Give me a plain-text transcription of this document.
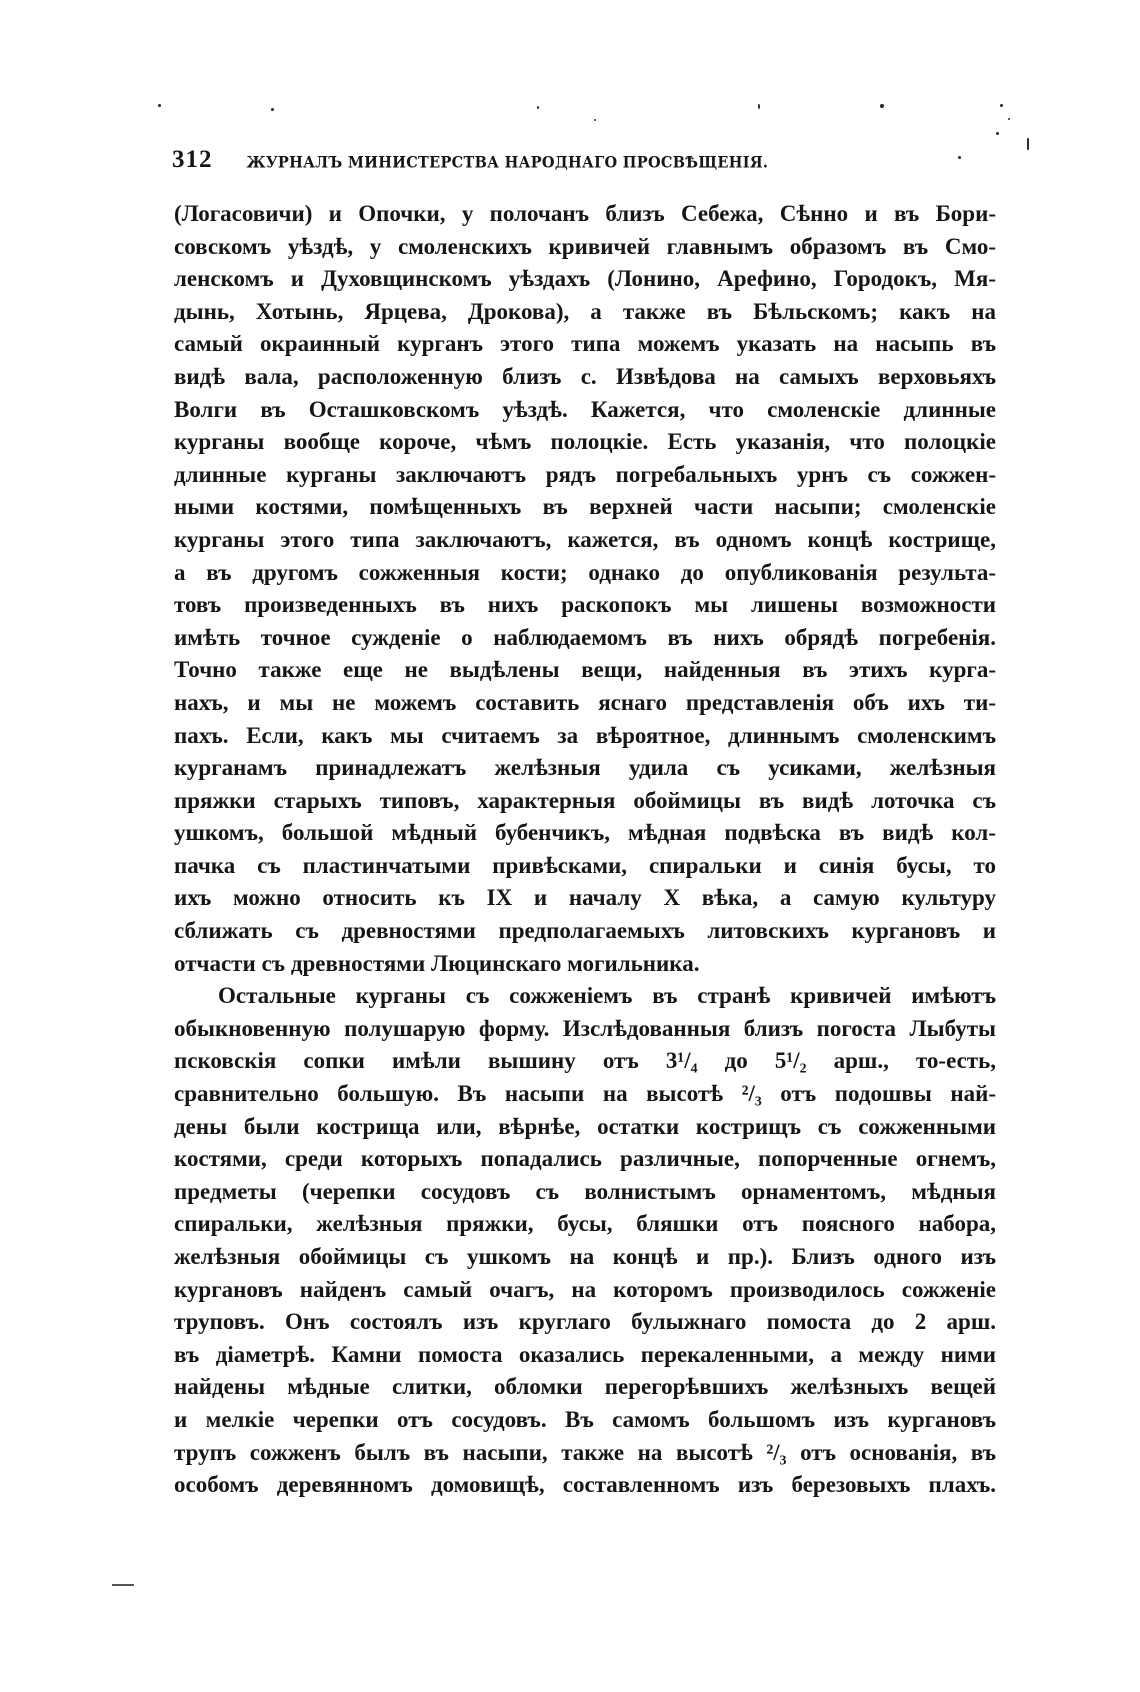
312 ЖУРНАЛЪ МИНИСТЕРСТВА НАРОДНАГО ПРОСВѢЩЕНІЯ.
(Логасовичи) и Опочки, у полочанъ близъ Себежа, Сѣнно и въ Бори-
совскомъ уѣздѣ, у смоленскихъ кривичей главнымъ образомъ въ Смо-
ленскомъ и Духовщинскомъ уѣздахъ (Лонино, Арефино, Городокъ, Мя-
дынь, Хотынь, Ярцева, Дрокова), а также въ Бѣльскомъ; какъ на
самый окраинный курганъ этого типа можемъ указать на насыпь въ
видѣ вала, расположенную близъ с. Извѣдова на самыхъ верховьяхъ
Волги въ Осташковскомъ уѣздѣ. Кажется, что смоленскіе длинные
курганы вообще короче, чѣмъ полоцкіе. Есть указанія, что полоцкіе
длинные курганы заключаютъ рядъ погребальныхъ урнъ съ сожжен-
ными костями, помѣщенныхъ въ верхней части насыпи; смоленскіе
курганы этого типа заключаютъ, кажется, въ одномъ концѣ кострище,
а въ другомъ сожженныя кости; однако до опубликованія результа-
товъ произведенныхъ въ нихъ раскопокъ мы лишены возможности
имѣть точное сужденіе о наблюдаемомъ въ нихъ обрядѣ погребенія.
Точно также еще не выдѣлены вещи, найденныя въ этихъ курга-
нахъ, и мы не можемъ составить яснаго представленія объ ихъ ти-
пахъ. Если, какъ мы считаемъ за вѣроятное, длиннымъ смоленскимъ
курганамъ принадлежатъ желѣзныя удила съ усиками, желѣзныя
пряжки старыхъ типовъ, характерныя обоймицы въ видѣ лоточка съ
ушкомъ, большой мѣдный бубенчикъ, мѣдная подвѣска въ видѣ кол-
пачка съ пластинчатыми привѣсками, спиральки и синія бусы, то
ихъ можно относить къ IX и началу X вѣка, а самую культуру
сближать съ древностями предполагаемыхъ литовскихъ кургановъ и
отчасти съ древностями Люцинскаго могильника.
Остальные курганы съ сожженіемъ въ странѣ кривичей имѣютъ
обыкновенную полушарую форму. Изслѣдованныя близъ погоста Лыбуты
псковскія сопки имѣли вышину отъ 3¹/₄ до 5¹/₂ арш., то-есть,
сравнительно большую. Въ насыпи на высотѣ ²/₃ отъ подошвы най-
дены были кострища или, вѣрнѣе, остатки кострищъ съ сожженными
костями, среди которыхъ попадались различные, попорченные огнемъ,
предметы (черепки сосудовъ съ волнистымъ орнаментомъ, мѣдныя
спиральки, желѣзныя пряжки, бусы, бляшки отъ поясного набора,
желѣзныя обоймицы съ ушкомъ на концѣ и пр.). Близъ одного изъ
кургановъ найденъ самый очагъ, на которомъ производилось сожженіе
труповъ. Онъ состоялъ изъ круглаго булыжнаго помоста до 2 арш.
въ діаметрѣ. Камни помоста оказались перекаленными, а между ними
найдены мѣдные слитки, обломки перегорѣвшихъ желѣзныхъ вещей
и мелкіе черепки отъ сосудовъ. Въ самомъ большомъ изъ кургановъ
трупъ сожженъ былъ въ насыпи, также на высотѣ ²/₃ отъ основанія, въ
особомъ деревянномъ домовищѣ, составленномъ изъ березовыхъ плахъ.
